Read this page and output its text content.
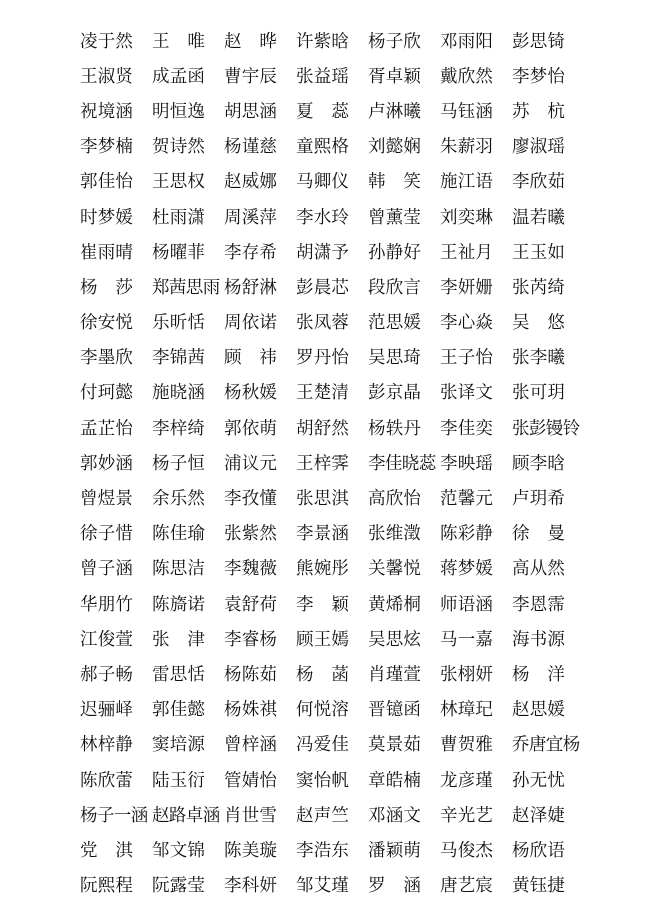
凌于然	王　唯	赵　晔	许紫晗	杨子欣	邓雨阳	彭思锜
王淑贤	成孟函	曹宇辰	张益瑶	胥卓颖	戴欣然	李梦怡
祝境涵	明恒逸	胡思涵	夏　蕊	卢淋曦	马钰涵	苏　杭
李梦楠	贺诗然	杨谨慈	童熙格	刘懿娴	朱薪羽	廖淑瑶
郭佳怡	王思权	赵威娜	马卿仪	韩　笑	施江语	李欣茹
时梦媛	杜雨潇	周溪萍	李水玲	曾薰莹	刘奕琳	温若曦
崔雨晴	杨曜菲	李存希	胡潇予	孙静好	王祉月	王玉如
杨　莎	郑茜思雨 杨舒淋	彭晨芯	段欣言	李妍姗	张芮绮
徐安悦	乐昕恬	周依诺	张凤蓉	范思媛	李心焱	吴　悠
李墨欣	李锦茜	顾　祎	罗丹怡	吴思琦	王子怡	张李曦
付珂懿	施晓涵	杨秋媛	王楚清	彭京晶	张译文	张可玥
孟芷怡	李梓绮	郭依萌	胡舒然	杨轶丹	李佳奕	张彭镘铃
郭妙涵	杨子恒	浦议元	王梓霁	李佳晓蕊 李映瑶	顾李晗
曾煜景	余乐然	李孜懂	张思淇	高欣怡	范馨元	卢玥希
徐子惜	陈佳瑜	张紫然	李景涵	张维澂	陈彩静	徐　曼
曾子涵	陈思洁	李魏薇	熊婉彤	关馨悦	蒋梦媛	高从然
华朋竹	陈旖诺	袁舒荷	李　颖	黄烯桐	师语涵	李恩霈
江俊萱	张　津	李睿杨	顾王嫣	吴思炫	马一嘉	海书源
郝子畅	雷思恬	杨陈茹	杨　菡	肖瑾萱	张栩妍	杨　洋
迟骊峄	郭佳懿	杨姝祺	何悦溶	晋镱函	林璋玘	赵思媛
林梓静	窦培源	曾梓涵	冯爱佳	莫景茹	曹贺雅	乔唐宜杨
陈欣蕾	陆玉衍	管婧怡	窦怡帆	章皓楠	龙彦瑾	孙无忧
杨子一涵 赵路卓涵 肖世雪	赵声竺	邓涵文	辛光艺	赵泽婕
党　淇	邹文锦	陈美璇	李浩东	潘颖萌	马俊杰	杨欣语
阮熙程	阮露莹	李科妍	邹艾瑾	罗　涵	唐艺宸	黄钰捷
